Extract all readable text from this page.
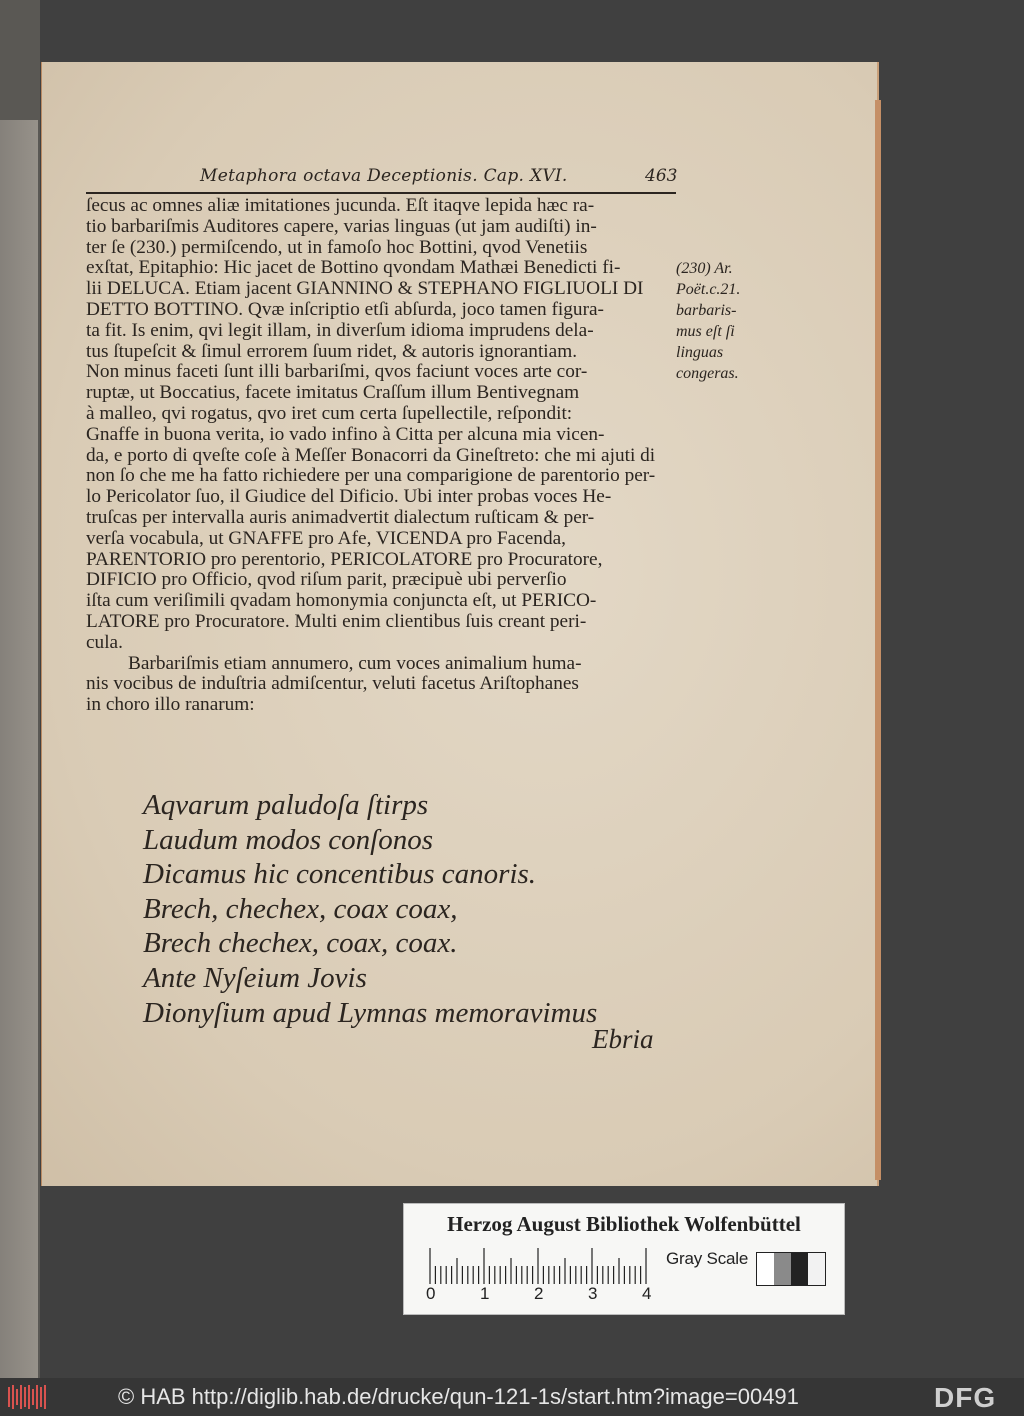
Metaphora octava Deceptionis. Cap. XVI.	463
ſecus ac omnes aliæ imitationes jucunda. Eſt itaqve lepida hæc ra-
tio barbariſmis Auditores capere, varias linguas (ut jam audiſti) in-
ter ſe (230.) permiſcendo, ut in famoſo hoc Bottini, qvod Venetiis
exſtat, Epitaphio: Hic jacet de Bottino qvondam Mathæi Benedicti fi-
lii DELUCA. Etiam jacent GIANNINO & STEPHANO FIGLIUOLI DI
DETTO BOTTINO. Qvæ inſcriptio etſi abſurda, joco tamen figura-
ta fit. Is enim, qvi legit illam, in diverſum idioma imprudens dela-
tus ſtupeſcit & ſimul errorem ſuum ridet, & autoris ignorantiam.
Non minus faceti ſunt illi barbariſmi, qvos faciunt voces arte cor-
ruptæ, ut Boccatius, facete imitatus Craſſum illum Bentivegnam
à malleo, qvi rogatus, qvo iret cum certa ſupellectile, reſpondit:
Gnaffe in buona verita, io vado infino à Citta per alcuna mia vicen-
da, e porto di qveſte coſe à Meſſer Bonacorri da Gineſtreto: che mi ajuti di
non ſo che me ha fatto richiedere per una comparigione de parentorio per-
lo Pericolator ſuo, il Giudice del Dificio. Ubi inter probas voces He-
truſcas per intervalla auris animadvertit dialectum ruſticam & per-
verſa vocabula, ut GNAFFE pro Afe, VICENDA pro Facenda,
PARENTORIO pro perentorio, PERICOLATORE pro Procuratore,
DIFICIO pro Officio, qvod riſum parit, præcipuè ubi perverſio
iſta cum veriſimili qvadam homonymia conjuncta eſt, ut PERICO-
LATORE pro Procuratore. Multi enim clientibus ſuis creant peri-
cula.
Barbariſmis etiam annumero, cum voces animalium huma-
nis vocibus de induſtria admiſcentur, veluti facetus Ariſtophanes
in choro illo ranarum:
(230) Ar.
Poët.c.21.
barbaris-
mus eſt ſi
linguas
congeras.
Aqvarum paludoſa ſtirps
Laudum modos conſonos
Dicamus hic concentibus canoris.
Brech, chechex, coax coax,
Brech chechex, coax, coax.
Ante Nyſeium Jovis
Dionyſium apud Lymnas memoravimus
Ebria
Herzog August Bibliothek Wolfenbüttel
0	1	2	3	4
Gray Scale
© HAB http://diglib.hab.de/drucke/qun-121-1s/start.htm?image=00491	DFG
